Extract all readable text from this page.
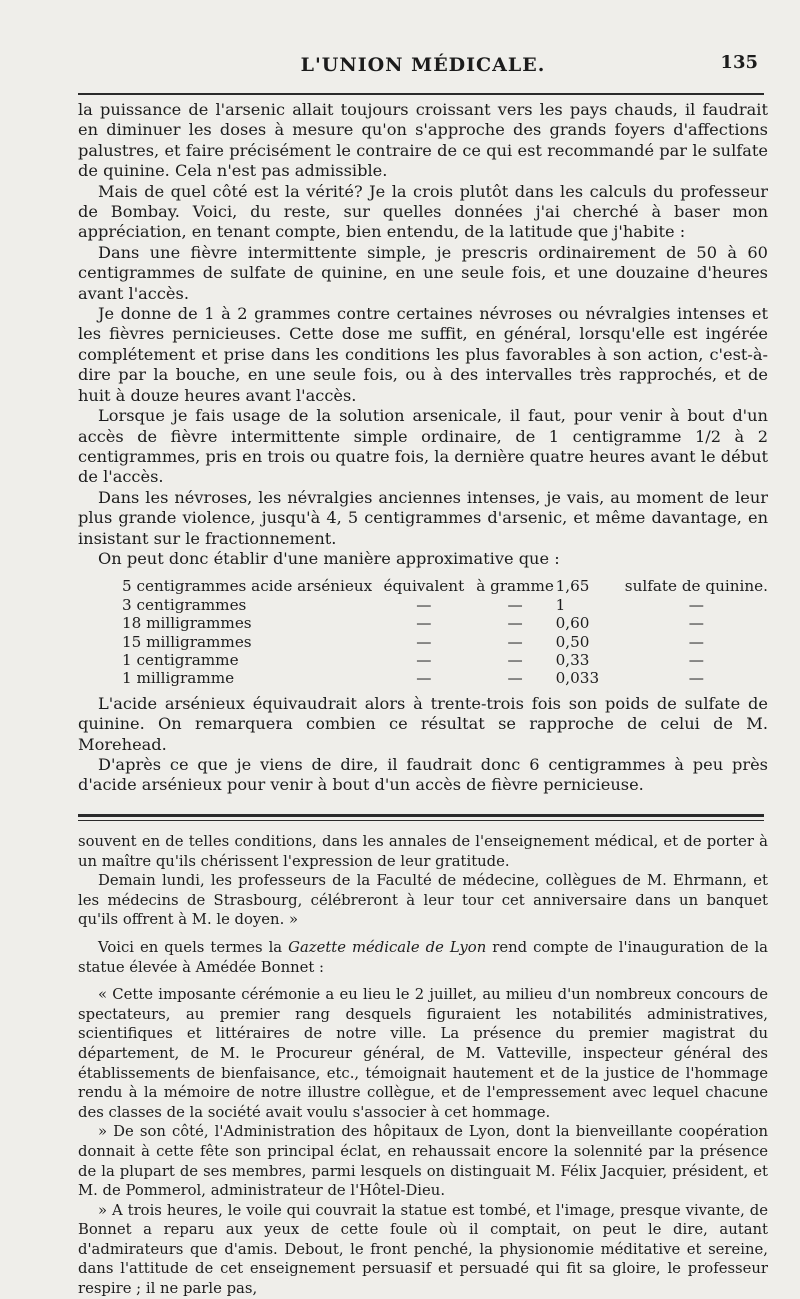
L'UNION MÉDICALE.	135

la puissance de l'arsenic allait toujours croissant vers les pays chauds, il faudrait en diminuer les doses à mesure qu'on s'approche des grands foyers d'affections palustres, et faire précisément le contraire de ce qui est recommandé par le sulfate de quinine. Cela n'est pas admissible.

Mais de quel côté est la vérité? Je la crois plutôt dans les calculs du professeur de Bombay. Voici, du reste, sur quelles données j'ai cherché à baser mon appréciation, en tenant compte, bien entendu, de la latitude que j'habite :

Dans une fièvre intermittente simple, je prescris ordinairement de 50 à 60 centigrammes de sulfate de quinine, en une seule fois, et une douzaine d'heures avant l'accès.

Je donne de 1 à 2 grammes contre certaines névroses ou névralgies intenses et les fièvres pernicieuses. Cette dose me suffit, en général, lorsqu'elle est ingérée complétement et prise dans les conditions les plus favorables à son action, c'est-à-dire par la bouche, en une seule fois, ou à des intervalles très rapprochés, et de huit à douze heures avant l'accès.

Lorsque je fais usage de la solution arsenicale, il faut, pour venir à bout d'un accès de fièvre intermittente simple ordinaire, de 1 centigramme 1/2 à 2 centigrammes, pris en trois ou quatre fois, la dernière quatre heures avant le début de l'accès.

Dans les névroses, les névralgies anciennes intenses, je vais, au moment de leur plus grande violence, jusqu'à 4, 5 centigrammes d'arsenic, et même davantage, en insistant sur le fractionnement.

On peut donc établir d'une manière approximative que :

5 centigrammes acide arsénieux	équivalent	à gramme	1,65	sulfate de quinine.
3 centigrammes	—	—	1	—
18 milligrammes	—	—	0,60	—
15 milligrammes	—	—	0,50	—
1 centigramme	—	—	0,33	—
1 milligramme	—	—	0,033	—

L'acide arsénieux équivaudrait alors à trente-trois fois son poids de sulfate de quinine. On remarquera combien ce résultat se rapproche de celui de M. Morehead.

D'après ce que je viens de dire, il faudrait donc 6 centigrammes à peu près d'acide arsénieux pour venir à bout d'un accès de fièvre pernicieuse.

souvent en de telles conditions, dans les annales de l'enseignement médical, et de porter à un maître qu'ils chérissent l'expression de leur gratitude.

Demain lundi, les professeurs de la Faculté de médecine, collègues de M. Ehrmann, et les médecins de Strasbourg, célébreront à leur tour cet anniversaire dans un banquet qu'ils offrent à M. le doyen. »

Voici en quels termes la Gazette médicale de Lyon rend compte de l'inauguration de la statue élevée à Amédée Bonnet :

« Cette imposante cérémonie a eu lieu le 2 juillet, au milieu d'un nombreux concours de spectateurs, au premier rang desquels figuraient les notabilités administratives, scientifiques et littéraires de notre ville. La présence du premier magistrat du département, de M. le Procureur général, de M. Vatteville, inspecteur général des établissements de bienfaisance, etc., témoignait hautement et de la justice de l'hommage rendu à la mémoire de notre illustre collègue, et de l'empressement avec lequel chacune des classes de la société avait voulu s'associer à cet hommage.

» De son côté, l'Administration des hôpitaux de Lyon, dont la bienveillante coopération donnait à cette fête son principal éclat, en rehaussait encore la solennité par la présence de la plupart de ses membres, parmi lesquels on distinguait M. Félix Jacquier, président, et M. de Pommerol, administrateur de l'Hôtel-Dieu.

» A trois heures, le voile qui couvrait la statue est tombé, et l'image, presque vivante, de Bonnet a reparu aux yeux de cette foule où il comptait, on peut le dire, autant d'admirateurs que d'amis. Debout, le front penché, la physionomie méditative et sereine, dans l'attitude de cet enseignement persuasif et persuadé qui fit sa gloire, le professeur respire ; il ne parle pas,
